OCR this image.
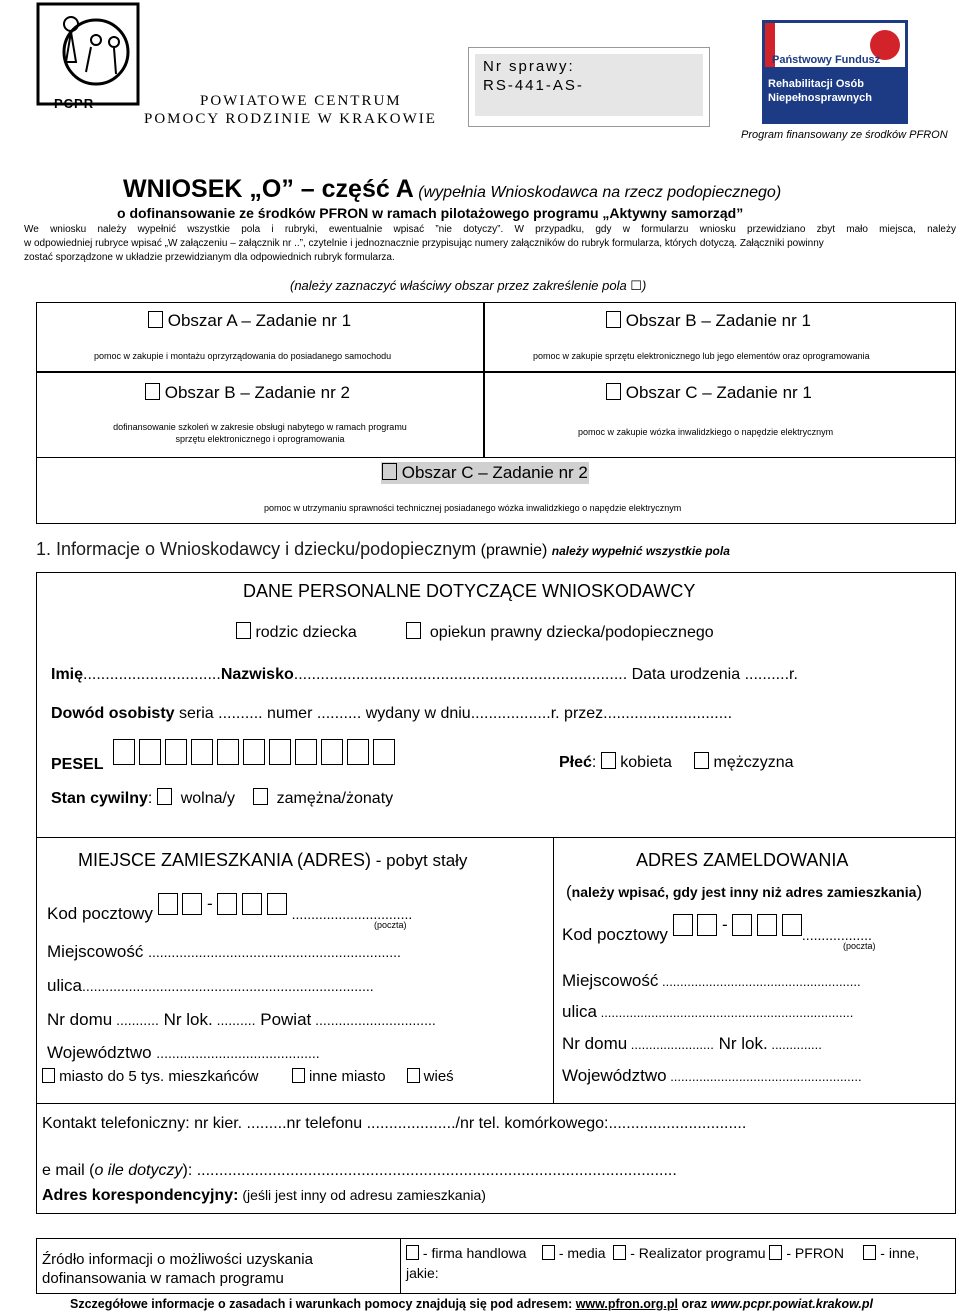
PCPR	POWIATOWE CENTRUM
POMOCY RODZINIE W KRAKOWIE
Nr sprawy:
RS-441-AS-
Państwowy Fundusz
Rehabilitacji Osób
Niepełnosprawnych
Program finansowany ze środków PFRON
WNIOSEK „O” – część A (wypełnia Wnioskodawca na rzecz podopiecznego)
o dofinansowanie ze środków PFRON w ramach pilotażowego programu „Aktywny samorząd”
We wniosku należy wypełnić wszystkie pola i rubryki, ewentualnie wpisać ”nie dotyczy”. W przypadku, gdy w formularzu wniosku przewidziano zbyt mało miejsca, należy
w odpowiedniej rubryce wpisać „W załączeniu – załącznik nr ..”, czytelnie i jednoznacznie przypisując numery załączników do rubryk formularza, których dotyczą. Załączniki powinny
zostać sporządzone w układzie przewidzianym dla odpowiednich rubryk formularza.
(należy zaznaczyć właściwy obszar przez zakreślenie pola ☐)
Obszar A – Zadanie nr 1
pomoc w zakupie i montażu oprzyrządowania do posiadanego samochodu
Obszar B – Zadanie nr 1
pomoc w zakupie sprzętu elektronicznego lub jego elementów oraz oprogramowania
Obszar B – Zadanie nr 2
dofinansowanie szkoleń w zakresie obsługi nabytego w ramach programu
sprzętu elektronicznego i oprogramowania
Obszar C – Zadanie nr 1
pomoc w zakupie wózka inwalidzkiego o napędzie elektrycznym
Obszar C – Zadanie nr 2
pomoc w utrzymaniu sprawności technicznej posiadanego wózka inwalidzkiego o napędzie elektrycznym
1. Informacje o Wnioskodawcy i dziecku/podopiecznym (prawnie) należy wypełnić wszystkie pola
DANE PERSONALNE DOTYCZĄCE WNIOSKODAWCY
rodzic dziecka	opiekun prawny dziecka/podopiecznego
Imię...............................Nazwisko........................................................................... Data urodzenia ..........r.
Dowód osobisty seria .......... numer .......... wydany w dniu..................r. przez.............................
PESEL	Płeć:  kobieta	mężczyzna
Stan cywilny:   wolna/y	zamężna/żonaty
MIEJSCE ZAMIESZKANIA (ADRES) - pobyt stały
Kod pocztowy   -    $_{...............................}$
(poczta)
Miejscowość .................................................................
ulica...........................................................................
Nr domu ........... Nr lok. .......... Powiat ...............................
Województwo ..........................................
miasto do 5 tys. mieszkańców	inne miasto	wieś
ADRES ZAMELDOWANIA
(należy wpisać, gdy jest inny niż adres zamieszkania)
Kod pocztowy   -   $_{..................}$
(poczta)
Miejscowość .......................................................
ulica ......................................................................
Nr domu ....................... Nr lok. ..............
Województwo .....................................................
Kontakt telefoniczny: nr kier. .........nr telefonu ..................../nr tel. komórkowego:...............................
e mail (o ile dotyczy): ............................................................................................................
Adres korespondencyjny: (jeśli jest inny od adresu zamieszkania)
Źródło informacji o możliwości uzyskania
dofinansowania w ramach programu
- firma handlowa - media - Realizator programu - PFRON	- inne,
jakie:
Szczegółowe informacje o zasadach i warunkach pomocy znajdują się pod adresem: www.pfron.org.pl oraz www.pcpr.powiat.krakow.pl
